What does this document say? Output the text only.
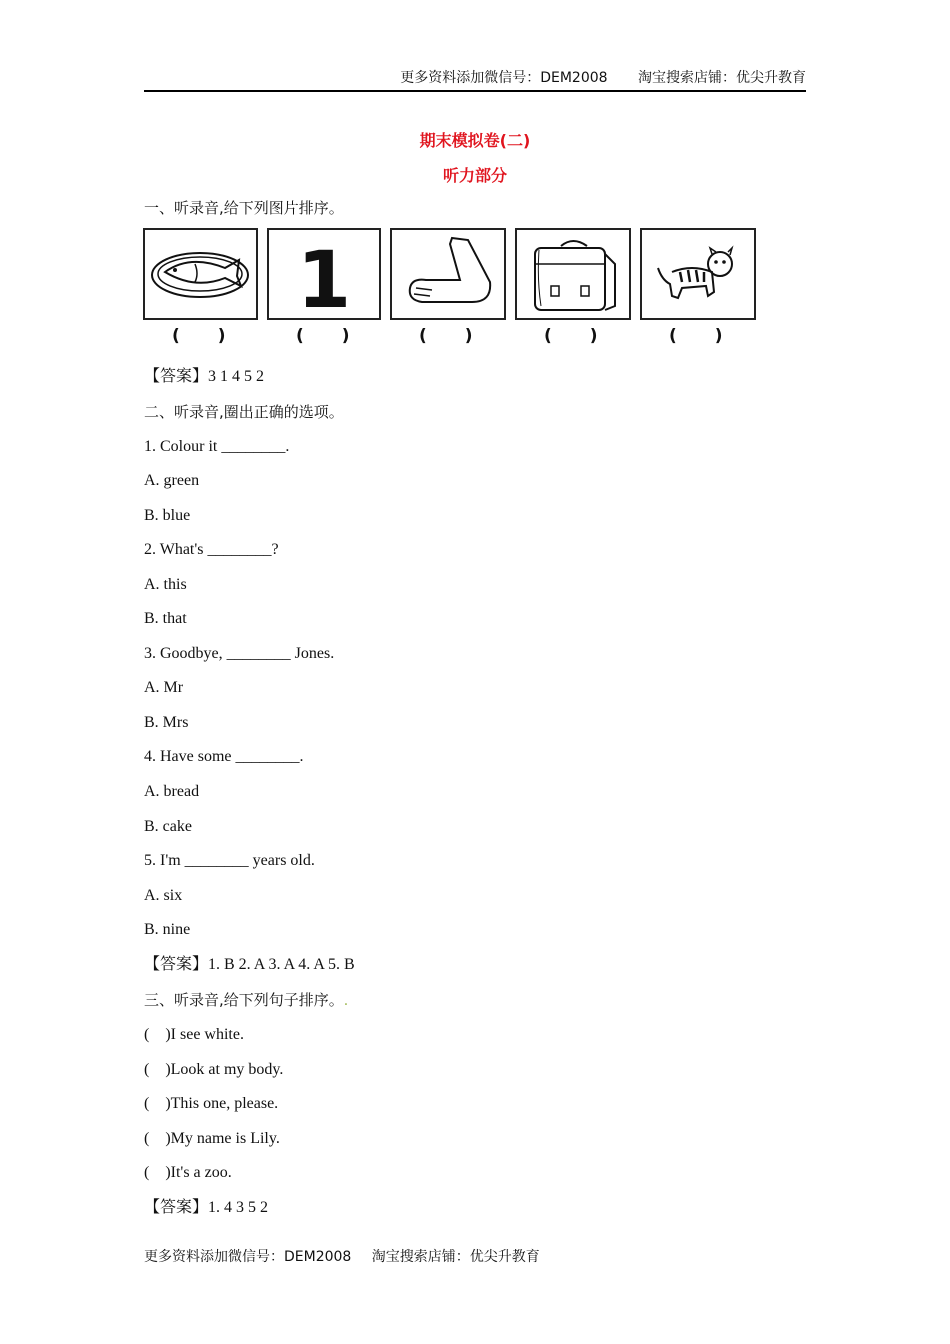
更多资料添加微信号：DEM2008 淘宝搜索店铺：优尖升教育
期末模拟卷(二)
听力部分
一、听录音,给下列图片排序。
1
( )	( )	( )	( )	( )
【答案】3 1 4 5 2
二、听录音,圈出正确的选项。
1. Colour it ________.
A. green
B. blue
2. What's ________?
A. this
B. that
3. Goodbye, ________ Jones.
A. Mr
B. Mrs
4. Have some ________.
A. bread
B. cake
5. I'm ________ years old.
A. six
B. nine
【答案】1. B 2. A 3. A 4. A 5. B
三、听录音,给下列句子排序。.
(    )I see white.
(    )Look at my body.
(    )This one, please.
(    )My name is Lily.
(    )It's a zoo.
【答案】1. 4 3 5 2
更多资料添加微信号：DEM2008 淘宝搜索店铺：优尖升教育
